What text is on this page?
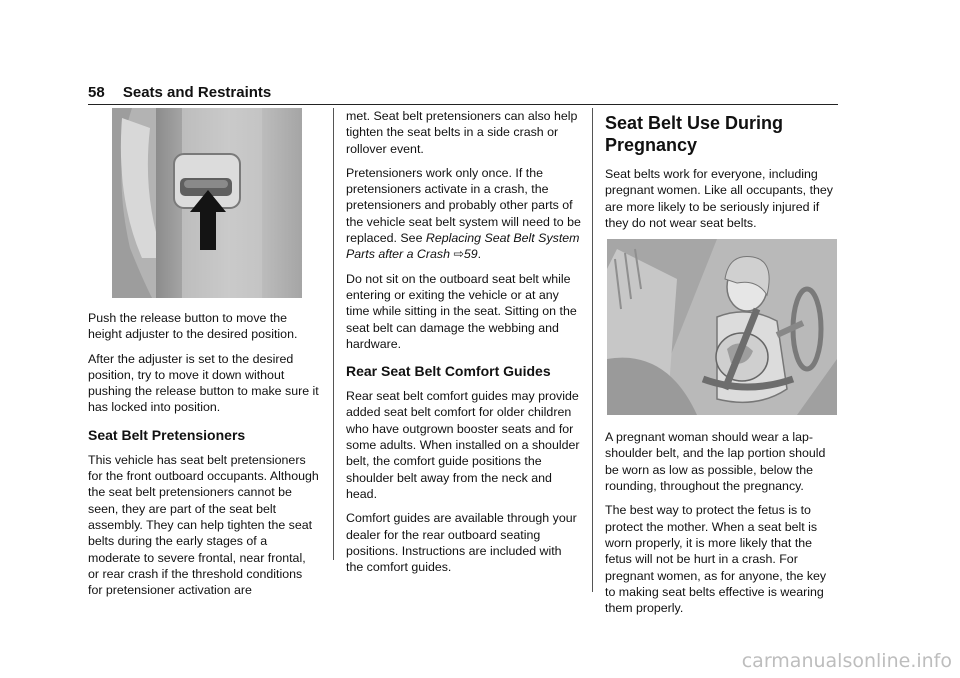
58 Seats and Restraints

Push the release button to move the height adjuster to the desired position.

After the adjuster is set to the desired position, try to move it down without pushing the release button to make sure it has locked into position.

Seat Belt Pretensioners

This vehicle has seat belt pretensioners for the front outboard occupants. Although the seat belt pretensioners cannot be seen, they are part of the seat belt assembly. They can help tighten the seat belts during the early stages of a moderate to severe frontal, near frontal, or rear crash if the threshold conditions for pretensioner activation are

met. Seat belt pretensioners can also help tighten the seat belts in a side crash or rollover event.

Pretensioners work only once. If the pretensioners activate in a crash, the pretensioners and probably other parts of the vehicle seat belt system will need to be replaced. See Replacing Seat Belt System Parts after a Crash ⇨59.

Do not sit on the outboard seat belt while entering or exiting the vehicle or at any time while sitting in the seat. Sitting on the seat belt can damage the webbing and hardware.

Rear Seat Belt Comfort Guides

Rear seat belt comfort guides may provide added seat belt comfort for older children who have outgrown booster seats and for some adults. When installed on a shoulder belt, the comfort guide positions the shoulder belt away from the neck and head.

Comfort guides are available through your dealer for the rear outboard seating positions. Instructions are included with the comfort guides.

Seat Belt Use During Pregnancy

Seat belts work for everyone, including pregnant women. Like all occupants, they are more likely to be seriously injured if they do not wear seat belts.

A pregnant woman should wear a lap-shoulder belt, and the lap portion should be worn as low as possible, below the rounding, throughout the pregnancy.

The best way to protect the fetus is to protect the mother. When a seat belt is worn properly, it is more likely that the fetus will not be hurt in a crash. For pregnant women, as for anyone, the key to making seat belts effective is wearing them properly.

carmanualsonline.info
